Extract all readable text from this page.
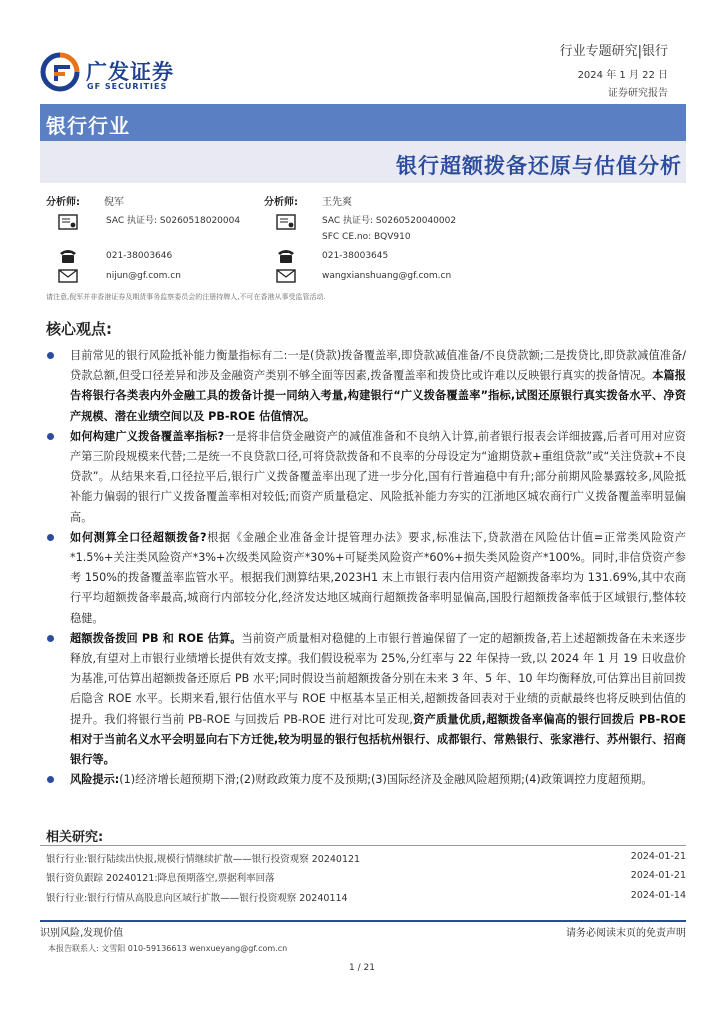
广发证券
GF SECURITIES
行业专题研究|银行
2024 年 1 月 22 日
证券研究报告
银行行业
银行超额拨备还原与估值分析
分析师: 倪军
SAC 执证号: S0260518020004
021-38003646
nijun@gf.com.cn
分析师: 王先爽
SAC 执证号: S0260520040002
SFC CE.no: BQV910
021-38003645
wangxianshuang@gf.com.cn
请注意,倪军并非香港证券及期货事务监察委员会的注册持牌人,不可在香港从事受监管活动.
核心观点:
目前常见的银行风险抵补能力衡量指标有二:一是(贷款)拨备覆盖率,即贷款减值准备/不良贷款额;二是拨贷比,即贷款减值准备/贷款总额,但受口径差异和涉及金融资产类别不够全面等因素,拨备覆盖率和拨贷比或许难以反映银行真实的拨备情况。本篇报告将银行各类表内外金融工具的拨备计提一同纳入考量,构建银行“广义拨备覆盖率”指标,试图还原银行真实拨备水平、净资产规模、潜在业绩空间以及 PB-ROE 估值情况。
如何构建广义拨备覆盖率指标?一是将非信贷金融资产的减值准备和不良纳入计算,前者银行报表会详细披露,后者可用对应资产第三阶段规模来代替;二是统一不良贷款口径,可将贷款拨备和不良率的分母设定为“逾期贷款+重组贷款”或“关注贷款+不良贷款”。从结果来看,口径拉平后,银行广义拨备覆盖率出现了进一步分化,国有行普遍稳中有升;部分前期风险暴露较多,风险抵补能力偏弱的银行广义拨备覆盖率相对较低;而资产质量稳定、风险抵补能力夯实的江浙地区城农商行广义拨备覆盖率明显偏高。
如何测算全口径超额拨备?根据《金融企业准备金计提管理办法》要求,标准法下,贷款潜在风险估计值=正常类风险资产*1.5%+关注类风险资产*3%+次级类风险资产*30%+可疑类风险资产*60%+损失类风险资产*100%。同时,非信贷资产参考 150%的拨备覆盖率监管水平。根据我们测算结果,2023H1 末上市银行表内信用资产超额拨备率均为 131.69%,其中农商行平均超额拨备率最高,城商行内部较分化,经济发达地区城商行超额拨备率明显偏高,国股行超额拨备率低于区域银行,整体较稳健。
超额拨备拨回 PB 和 ROE 估算。当前资产质量相对稳健的上市银行普遍保留了一定的超额拨备,若上述超额拨备在未来逐步释放,有望对上市银行业绩增长提供有效支撑。我们假设税率为 25%,分红率与 22 年保持一致,以 2024 年 1 月 19 日收盘价为基准,可估算出超额拨备还原后 PB 水平;同时假设当前超额拨备分别在未来 3 年、5 年、10 年均衡释放,可估算出目前回拨后隐含 ROE 水平。长期来看,银行估值水平与 ROE 中枢基本呈正相关,超额拨备回表对于业绩的贡献最终也将反映到估值的提升。我们将银行当前 PB-ROE 与回拨后 PB-ROE 进行对比可发现,资产质量优质,超额拨备率偏高的银行回拨后 PB-ROE 相对于当前名义水平会明显向右下方迁徙,较为明显的银行包括杭州银行、成都银行、常熟银行、张家港行、苏州银行、招商银行等。
风险提示:(1)经济增长超预期下滑;(2)财政政策力度不及预期;(3)国际经济及金融风险超预期;(4)政策调控力度超预期。
相关研究:
银行行业:银行陆续出快报,规模行情继续扩散——银行投资观察 20240121	2024-01-21
银行资负跟踪 20240121:降息预期落空,票据利率回落	2024-01-21
银行行业:银行行情从高股息向区域行扩散——银行投资观察 20240114	2024-01-14
识别风险,发现价值	请务必阅读末页的免责声明
本报告联系人: 文雪阳 010-59136613 wenxueyang@gf.com.cn
1 / 21
